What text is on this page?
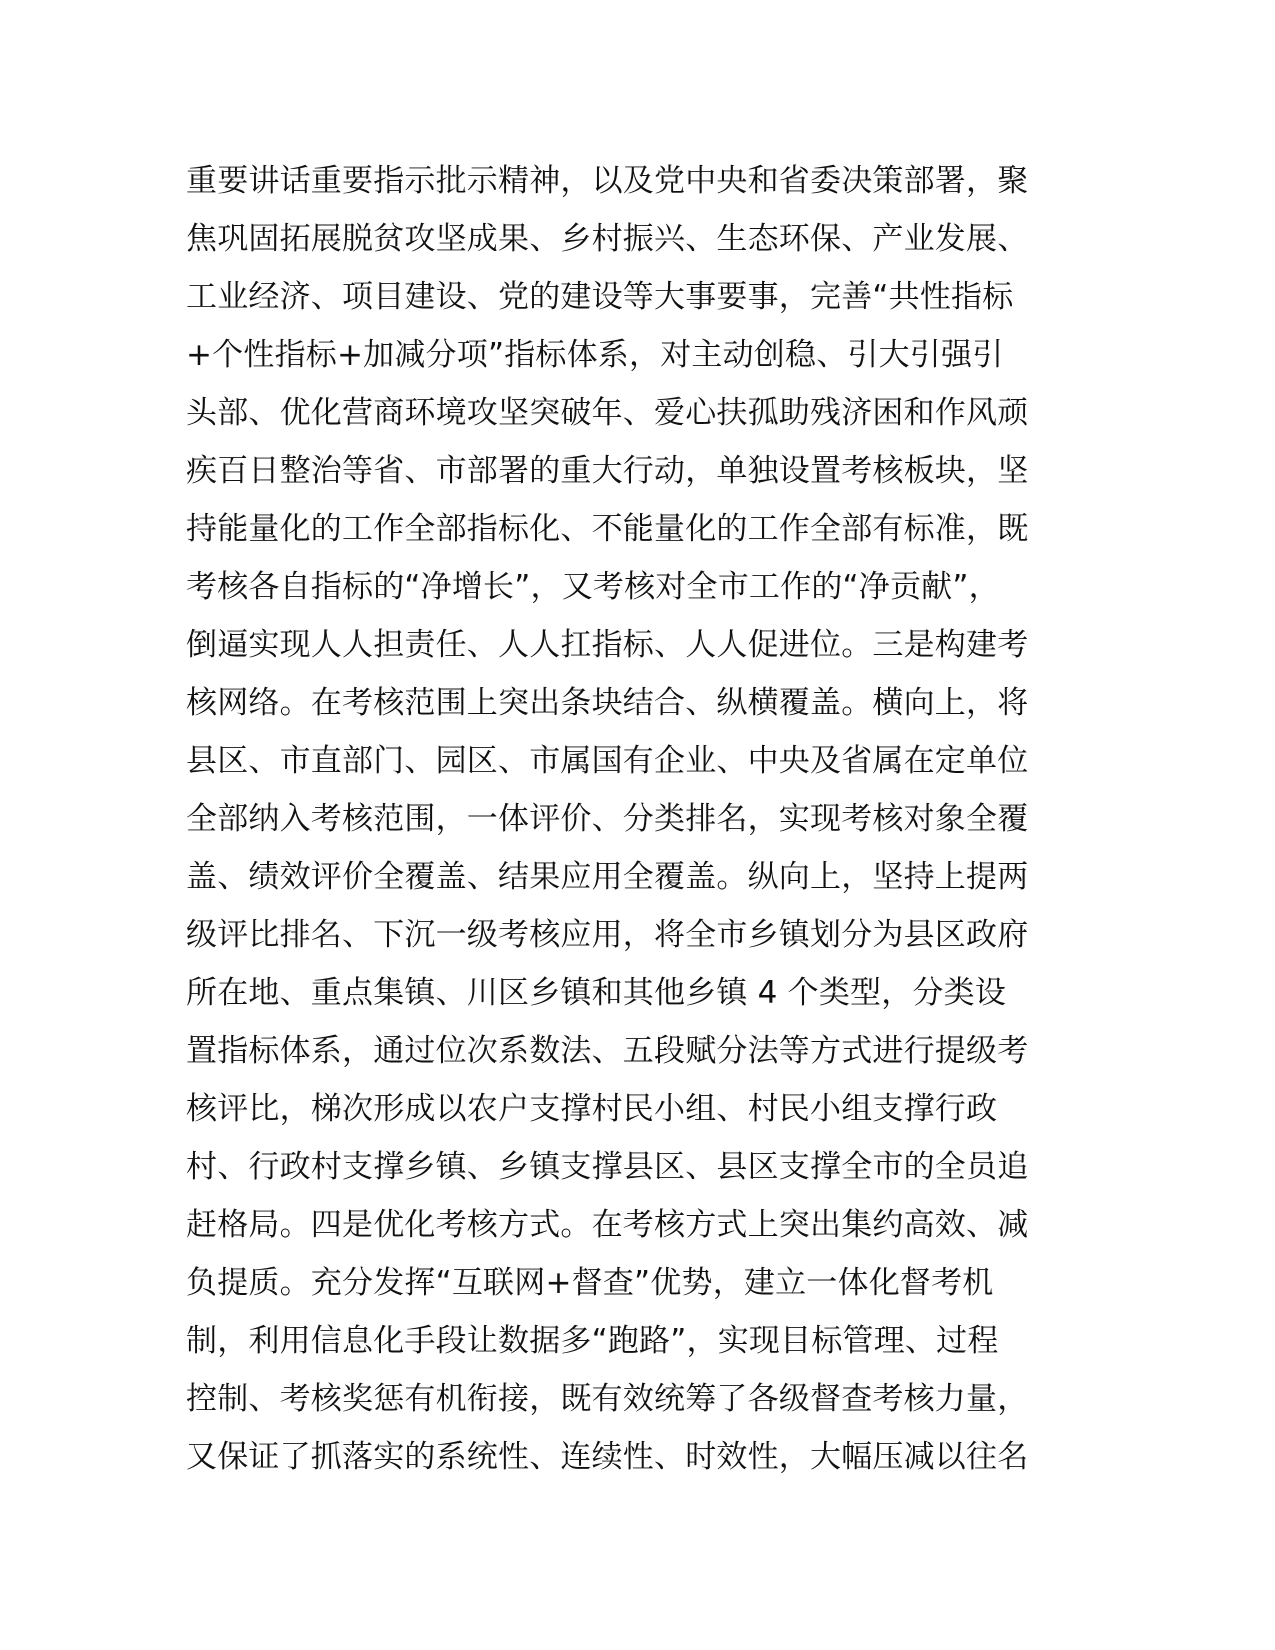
重要讲话重要指示批示精神，以及党中央和省委决策部署，聚
焦巩固拓展脱贫攻坚成果、乡村振兴、生态环保、产业发展、
工业经济、项目建设、党的建设等大事要事，完善“共性指标
+个性指标+加减分项”指标体系，对主动创稳、引大引强引
头部、优化营商环境攻坚突破年、爱心扶孤助残济困和作风顽
疾百日整治等省、市部署的重大行动，单独设置考核板块，坚
持能量化的工作全部指标化、不能量化的工作全部有标准，既
考核各自指标的“净增长”，又考核对全市工作的“净贡献”，
倒逼实现人人担责任、人人扛指标、人人促进位。三是构建考
核网络。在考核范围上突出条块结合、纵横覆盖。横向上，将
县区、市直部门、园区、市属国有企业、中央及省属在定单位
全部纳入考核范围，一体评价、分类排名，实现考核对象全覆
盖、绩效评价全覆盖、结果应用全覆盖。纵向上，坚持上提两
级评比排名、下沉一级考核应用，将全市乡镇划分为县区政府
所在地、重点集镇、川区乡镇和其他乡镇 4 个类型，分类设
置指标体系，通过位次系数法、五段赋分法等方式进行提级考
核评比，梯次形成以农户支撑村民小组、村民小组支撑行政
村、行政村支撑乡镇、乡镇支撑县区、县区支撑全市的全员追
赶格局。四是优化考核方式。在考核方式上突出集约高效、减
负提质。充分发挥“互联网+督查”优势，建立一体化督考机
制，利用信息化手段让数据多“跑路”，实现目标管理、过程
控制、考核奖惩有机衔接，既有效统筹了各级督查考核力量，
又保证了抓落实的系统性、连续性、时效性，大幅压减以往名
